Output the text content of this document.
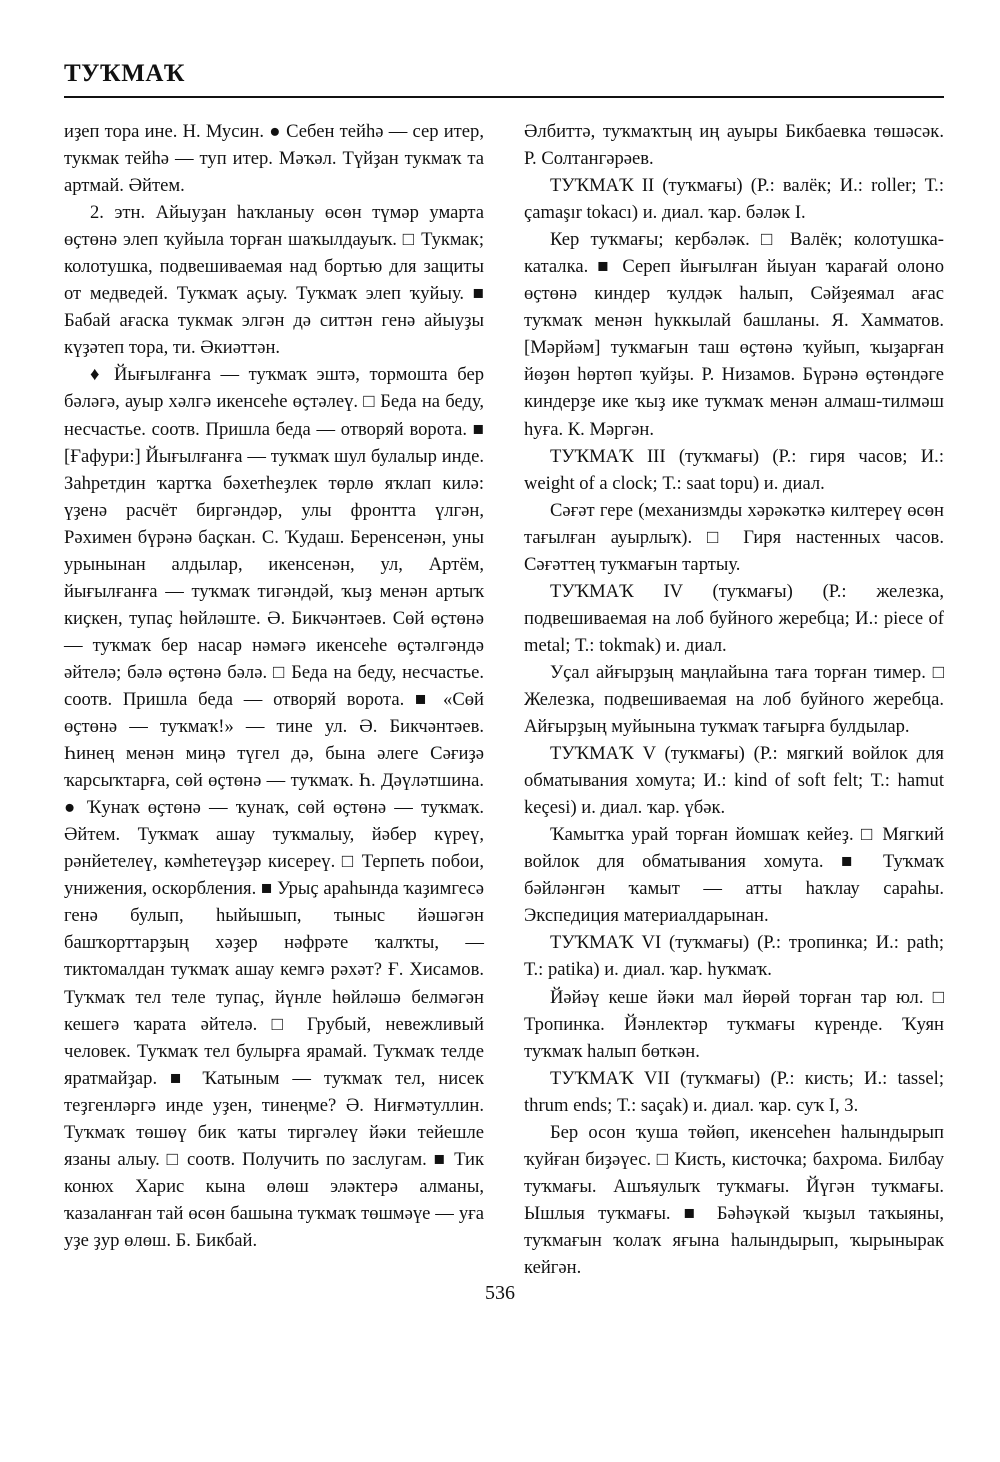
ТУҠМАҠ

иҙеп тора ине. Н. Мусин. ● Себен тейһә — сер итер, тукмак тейһә — туп итер. Мәҡәл. Түйҙан тукмаҡ та артмай. Әйтем.

2. этн. Айыуҙан һаҡланыу өсөн түмәр умарта өҫтөнә элеп ҡуйыла торған шаҡылдауыҡ. □ Тукмак; колотушка, подвешиваемая над бортью для защиты от медведей. Туҡмаҡ аҫыу. Туҡмаҡ элеп ҡуйыу. ■ Бабай ағаска тукмак элгән дә ситтән генә айыуҙы күҙәтеп тора, ти. Әкиәттән.

♦ Йығылғанға — туҡмаҡ эштә, тормошта бер бәләгә, ауыр хәлгә икенсеһе өҫтәлеү. □ Беда на беду, несчастье. соотв. Пришла беда — отворяй ворота. ■ [Ғафури:] Йығылғанға — туҡмаҡ шул булалыр инде. Заһретдин ҡартҡа бәхетһеҙлек төрлө яҡлап килә: үҙенә расчёт биргәндәр, улы фронтта үлгән, Рәхимен бүрәнә баҫкан. С. Ҡудаш. Беренсенән, уны урынынан алдылар, икенсенән, ул, Артём, йығылғанға — туҡмаҡ тигәндәй, ҡыҙ менән артыҡ киҫкен, тупаҫ һөйләште. Ә. Бикчәнтәев. Сөй өҫтөнә — туҡмаҡ бер насар нәмәгә икенсеһе өҫтәлгәндә әйтелә; бәлә өҫтөнә бәлә. □ Беда на беду, несчастье. соотв. Пришла беда — отворяй ворота. ■ «Сөй өҫтөнә — туҡмаҡ!» — тине ул. Ә. Бикчәнтәев. Һинең менән миңә түгел дә, бына әлеге Сәғиҙә ҡарсыҡтарға, сөй өҫтөнә — туҡмаҡ. Һ. Дәүләтшина. ● Ҡунаҡ өҫтөнә — ҡунаҡ, сөй өҫтөнә — туҡмаҡ. Әйтем. Туҡмаҡ ашау туҡмалыу, йәбер күреү, рәнйетелеү, кәмһетеүҙәр кисереү. □ Терпеть побои, унижения, оскорбления. ■ Урыҫ араһында ҡаҙимгесә генә булып, һыйышып, тыныс йәшәгән башҡорттарҙың хәҙер нәфрәте ҡалҡты, — тиктомалдан туҡмаҡ ашау кемгә рәхәт? Ғ. Хисамов. Туҡмаҡ тел теле тупаҫ, йүнле һөйләшә белмәгән кешегә ҡарата әйтелә. □ Грубый, невежливый человек. Туҡмаҡ тел булырға ярамай. Туҡмаҡ телде яратмайҙар. ■ Ҡатыным — туҡмаҡ тел, нисек теҙгенләргә инде уҙен, тинеңме? Ә. Ниғмәтуллин. Туҡмаҡ төшөү бик ҡаты тиргәлеү йәки тейешле язаны алыу. □ соотв. Получить по заслугам. ■ Тик конюх Харис кына өлөш эләктерә алманы, ҡазаланған тай өсөн башына туҡмаҡ төшмәүе — уға уҙе ҙур өлөш. Б. Бикбай.

Әлбиттә, туҡмаҡтың иң ауыры Бикбаевка төшәсәк. Р. Солтангәрәев.

ТУҠМАҠ II (туҡмағы) (Р.: валёк; И.: roller; Т.: çamaşır tokacı) и. диал. ҡар. бәләк I.

Кер туҡмағы; кербәләк. □ Валёк; колотушка-каталка. ■ Сереп йығылған йыуан ҡарағай олоно өҫтөнә киндер ҡулдәк һалып, Сәйҙеямал ағас туҡмаҡ менән һуккылай башланы. Я. Хамматов. [Мәрйәм] туҡмағын таш өҫтөнә ҡуйып, ҡыҙарған йөҙөн һөртөп ҡуйҙы. Р. Низамов. Бүрәнә өҫтөндәге киндерҙе ике ҡыҙ ике туҡмаҡ менән алмаш-тилмәш һуға. К. Мәргән.

ТУҠМАҠ III (туҡмағы) (Р.: гиря часов; И.: weight of a clock; Т.: saat topu) и. диал.

Сәғәт гере (механизмды хәрәкәткә килтереү өсөн тағылған ауырлыҡ). □ Гиря настенных часов. Сәғәттең туҡмағын тартыу.

ТУҠМАҠ IV (туҡмағы) (Р.: железка, подвешиваемая на лоб буйного жеребца; И.: piece of metal; Т.: tokmak) и. диал.

Уҫал айғырҙың маңлайына таға торған тимер. □ Железка, подвешиваемая на лоб буйного жеребца. Айғырҙың муйынына туҡмаҡ тағырға булдылар.

ТУҠМАҠ V (туҡмағы) (Р.: мягкий войлок для обматывания хомута; И.: kind of soft felt; Т.: hamut keçesi) и. диал. ҡар. үбәк.

Ҡамытҡа урай торған йомшаҡ кейеҙ. □ Мягкий войлок для обматывания хомута. ■ Туҡмаҡ бәйләнгән ҡамыт — атты һаҡлау сараһы. Экспедиция материалдарынан.

ТУҠМАҠ VI (туҡмағы) (Р.: тропинка; И.: path; Т.: patika) и. диал. ҡар. һуҡмаҡ.

Йәйәү кеше йәки мал йөрөй торған тар юл. □ Тропинка. Йәнлектәр туҡмағы күренде. Ҡуян туҡмаҡ һалып бөткән.

ТУҠМАҠ VII (туҡмағы) (Р.: кисть; И.: tassel; thrum ends; Т.: saçak) и. диал. ҡар. суҡ I, 3.

Бер осон ҡуша төйөп, икенсеһен һалындырып ҡуйған биҙәүес. □ Кисть, кисточка; бахрома. Билбау туҡмағы. Ашъяулыҡ туҡмағы. Йүгән туҡмағы. Ышлыя туҡмағы. ■ Бәһәүкәй ҡыҙыл таҡыяны, туҡмағын ҡолаҡ яғына һалындырып, ҡырынырак кейгән.

536
